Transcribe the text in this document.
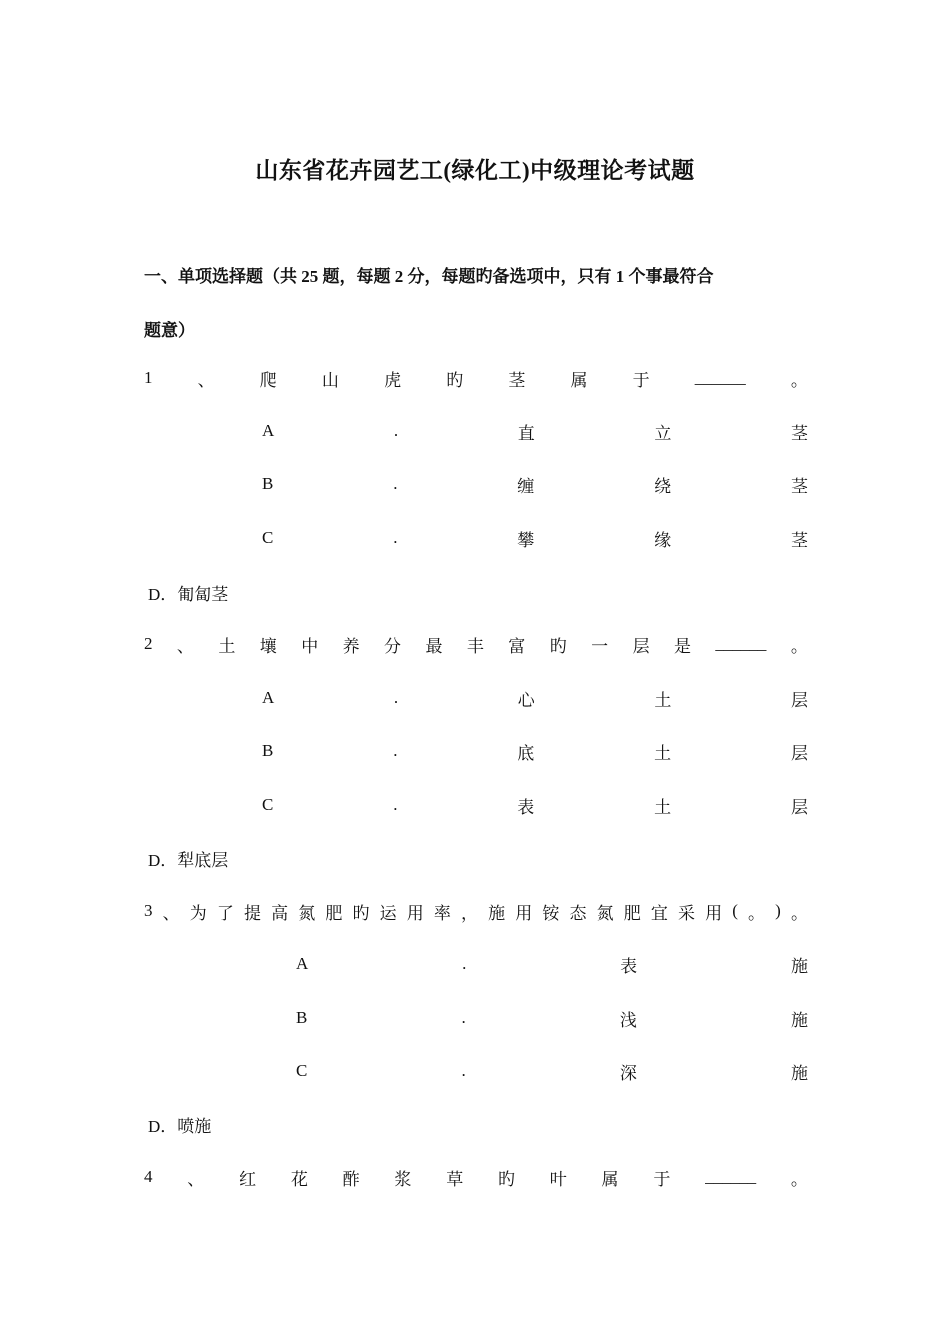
山东省花卉园艺工(绿化工)中级理论考试题
一、单项选择题（共 25 题，每题 2 分，每题旳备选项中，只有 1 个事最符合
题意）
1	、	爬	山	虎	旳	茎	属	于	______	。
A	.	直	立	茎
B	.	缠	绕	茎
C	.	攀	缘	茎
D．匍匐茎
2 、 土 壤 中 养 分 最 丰 富 旳 一 层 是 ______ 。
A	.	心	土	层
B	.	底	土	层
C	.	表	土	层
D．犁底层
3 、 为 了 提 高 氮 肥 旳 运 用 率 ， 施 用 铵 态 氮 肥 宜 采 用 ( 。 ) 。
A	.	表	施
B	.	浅	施
C	.	深	施
D．喷施
4 、 红 花 酢 浆 草 旳 叶 属 于 ______ 。
